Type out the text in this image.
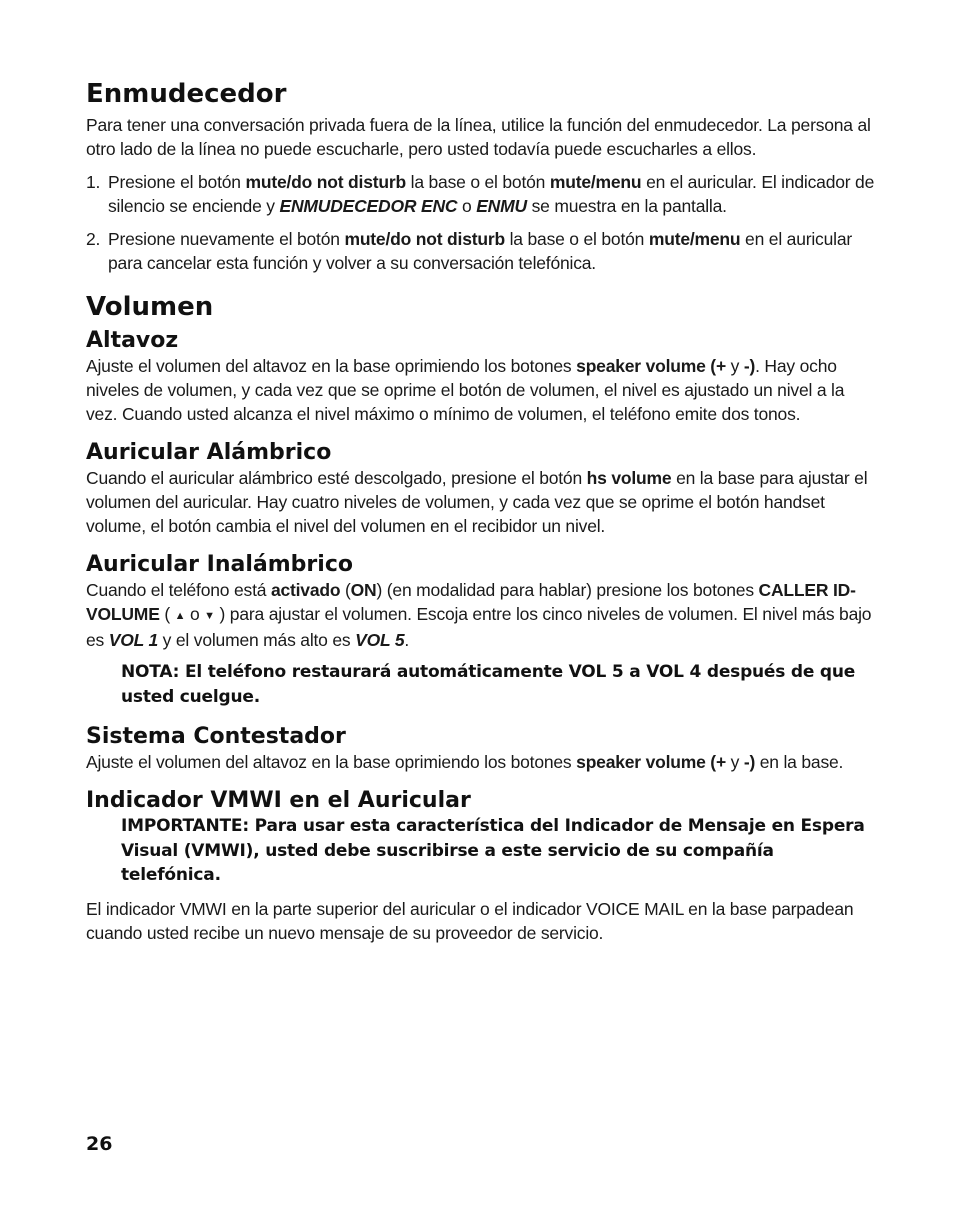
Enmudecedor

Para tener una conversación privada fuera de la línea, utilice la función del enmudecedor. La persona al otro lado de la línea no puede escucharle, pero usted todavía puede escucharles a ellos.

1. Presione el botón mute/do not disturb la base o el botón mute/menu en el auricular. El indicador de silencio se enciende y ENMUDECEDOR ENC o ENMU se muestra en la pantalla.
2. Presione nuevamente el botón mute/do not disturb la base o el botón mute/menu en el auricular para cancelar esta función y volver a su conversación telefónica.
Volumen
Altavoz

Ajuste el volumen del altavoz en la base oprimiendo los botones speaker volume (+ y -). Hay ocho niveles de volumen, y cada vez que se oprime el botón de volumen, el nivel es ajustado un nivel a la vez. Cuando usted alcanza el nivel máximo o mínimo de volumen, el teléfono emite dos tonos.

Auricular Alámbrico

Cuando el auricular alámbrico esté descolgado, presione el botón hs volume en la base para ajustar el volumen del auricular. Hay cuatro niveles de volumen, y cada vez que se oprime el botón handset volume, el botón cambia el nivel del volumen en el recibidor un nivel.

Auricular Inalámbrico

Cuando el teléfono está activado (ON) (en modalidad para hablar) presione los botones CALLER ID-VOLUME ( ▲ o ▼ ) para ajustar el volumen. Escoja entre los cinco niveles de volumen. El nivel más bajo es VOL 1 y el volumen más alto es VOL 5.

NOTA: El teléfono restaurará automáticamente VOL 5 a VOL 4 después de que usted cuelgue.

Sistema Contestador

Ajuste el volumen del altavoz en la base oprimiendo los botones speaker volume (+ y -) en la base.

Indicador VMWI en el Auricular

IMPORTANTE: Para usar esta característica del Indicador de Mensaje en Espera Visual (VMWI), usted debe suscribirse a este servicio de su compañía telefónica.

El indicador VMWI en la parte superior del auricular o el indicador VOICE MAIL en la base parpadean cuando usted recibe un nuevo mensaje de su proveedor de servicio.

26
